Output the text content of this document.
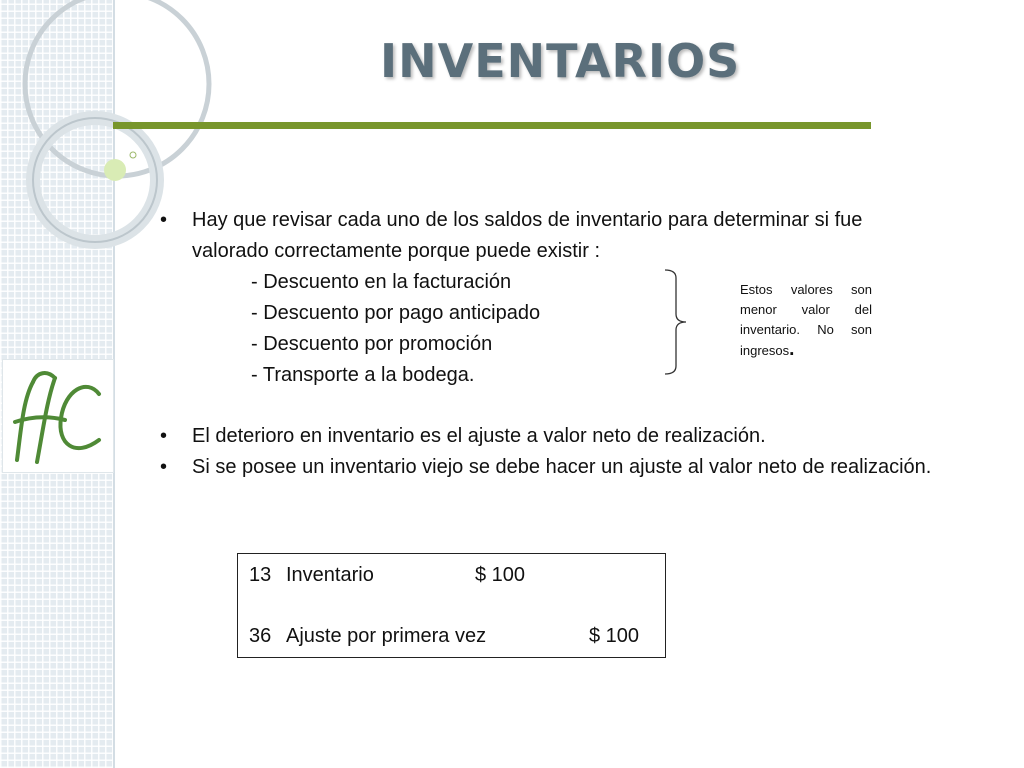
INVENTARIOS
• Hay que revisar cada uno de los saldos de inventario para determinar si fue valorado correctamente porque puede existir :
- Descuento en la facturación
- Descuento por pago anticipado
- Descuento por promoción
- Transporte a la bodega.
Estos valores son menor valor del inventario. No son ingresos.
• El deterioro en inventario es el ajuste a valor neto de realización.
• Si se posee un inventario viejo se debe hacer un ajuste al valor neto de realización.
13 Inventario	$ 100
36 Ajuste por primera vez	$ 100
